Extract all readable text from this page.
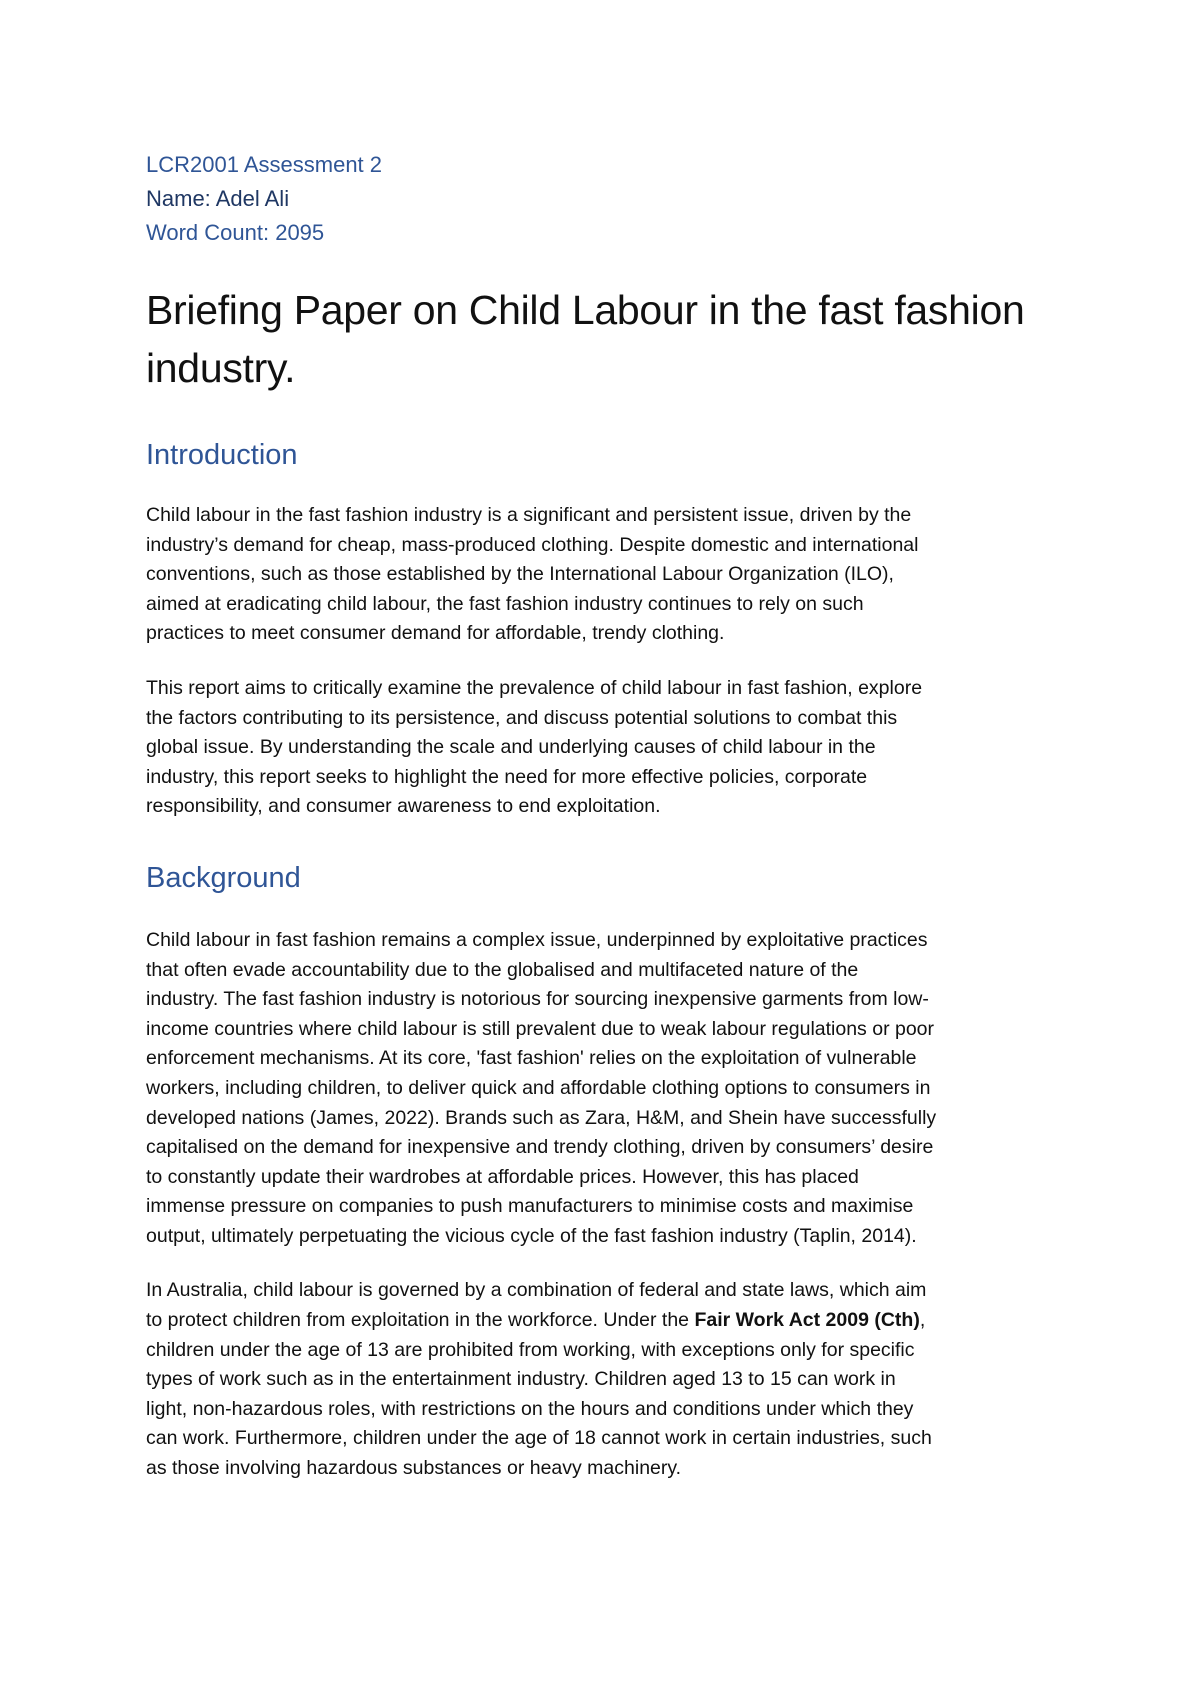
LCR2001 Assessment 2

Name: Adel Ali

Word Count: 2095

Briefing Paper on Child Labour in the fast fashion
industry.
Introduction

Child labour in the fast fashion industry is a significant and persistent issue, driven by the
industry’s demand for cheap, mass-produced clothing. Despite domestic and international
conventions, such as those established by the International Labour Organization (ILO),
aimed at eradicating child labour, the fast fashion industry continues to rely on such
practices to meet consumer demand for affordable, trendy clothing.

This report aims to critically examine the prevalence of child labour in fast fashion, explore
the factors contributing to its persistence, and discuss potential solutions to combat this
global issue. By understanding the scale and underlying causes of child labour in the
industry, this report seeks to highlight the need for more effective policies, corporate
responsibility, and consumer awareness to end exploitation.

Background

Child labour in fast fashion remains a complex issue, underpinned by exploitative practices
that often evade accountability due to the globalised and multifaceted nature of the
industry. The fast fashion industry is notorious for sourcing inexpensive garments from low-
income countries where child labour is still prevalent due to weak labour regulations or poor
enforcement mechanisms. At its core, 'fast fashion' relies on the exploitation of vulnerable
workers, including children, to deliver quick and affordable clothing options to consumers in
developed nations (James, 2022). Brands such as Zara, H&M, and Shein have successfully
capitalised on the demand for inexpensive and trendy clothing, driven by consumers’ desire
to constantly update their wardrobes at affordable prices. However, this has placed
immense pressure on companies to push manufacturers to minimise costs and maximise
output, ultimately perpetuating the vicious cycle of the fast fashion industry (Taplin, 2014).

In Australia, child labour is governed by a combination of federal and state laws, which aim
to protect children from exploitation in the workforce. Under the Fair Work Act 2009 (Cth),
children under the age of 13 are prohibited from working, with exceptions only for specific
types of work such as in the entertainment industry. Children aged 13 to 15 can work in
light, non-hazardous roles, with restrictions on the hours and conditions under which they
can work. Furthermore, children under the age of 18 cannot work in certain industries, such
as those involving hazardous substances or heavy machinery.
